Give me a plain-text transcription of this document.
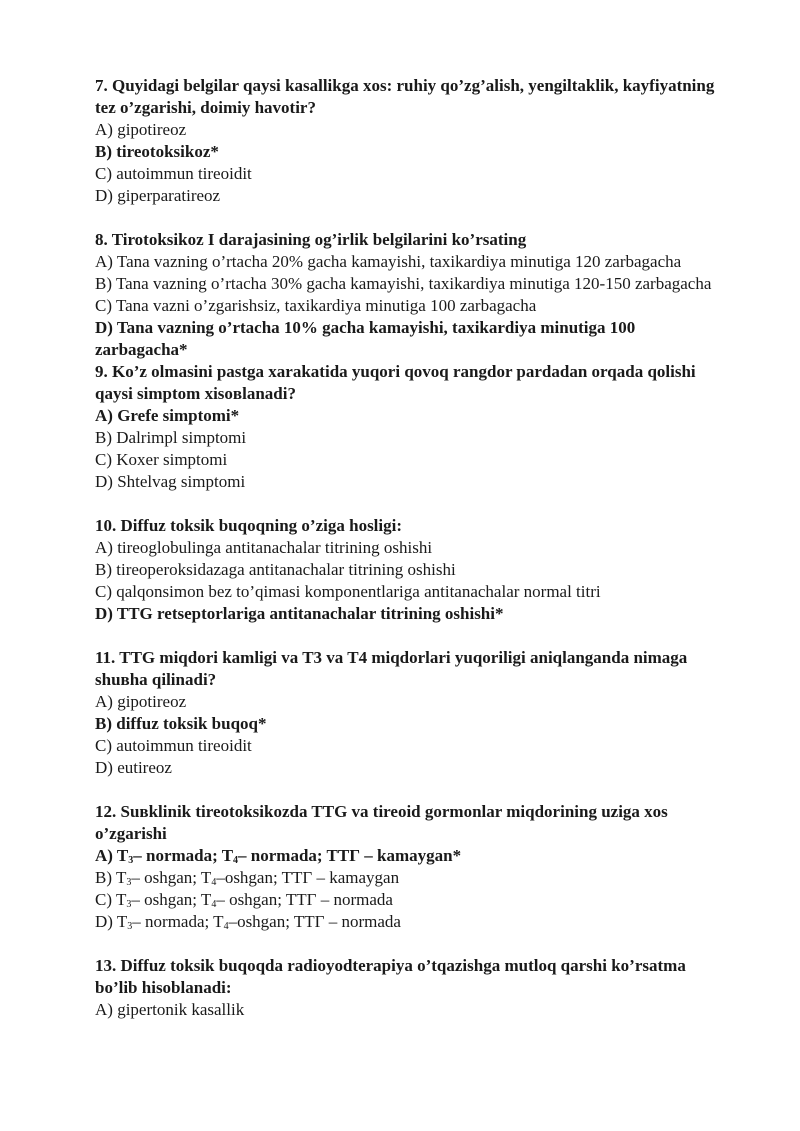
7. Quyidagi belgilar qaysi kasallikga xos: ruhiy qo’zg’alish, yengiltaklik, kayfiyatning tez o’zgarishi, doimiy havotir?

A) gipotireoz

B) tireotoksikoz*

C) autoimmun tireoidit

D) giperparatireoz

8. Tirotoksikoz I darajasining og’irlik belgilarini ko’rsating

A) Tana vazning o’rtacha 20% gacha kamayishi, taxikardiya minutiga 120 zarbagacha

B) Tana vazning o’rtacha 30% gacha kamayishi, taxikardiya minutiga 120-150 zarbagacha

C) Tana vazni o’zgarishsiz, taxikardiya minutiga 100 zarbagacha

D) Tana vazning o’rtacha 10% gacha kamayishi, taxikardiya minutiga 100 zarbagacha*

9. Ko’z olmasini pastga xarakatida yuqori qovoq rangdor pardadan orqada qolishi qaysi simptom xisoвlanadi?

A) Grefe simptomi*

B) Dalrimpl simptomi

C) Koxer simptomi

D) Shtelvag simptomi

10. Diffuz toksik buqoqning o’ziga hosligi:

A) tireoglobulinga antitanachalar titrining oshishi

B) tireoperoksidazaga antitanachalar titrining oshishi

C) qalqonsimon bez to’qimasi komponentlariga antitanachalar normal titri

D) TTG retseptorlariga antitanachalar titrining oshishi*

11. TTG miqdori kamligi va T3 va T4 miqdorlari yuqoriligi aniqlanganda nimaga shuвha qilinadi?

A) gipotireoz

B) diffuz toksik buqoq*

C) autoimmun tireoidit

D) eutireoz

12. Suвklinik tireotoksikozda TTG va tireoid gormonlar miqdorining uziga xos o’zgarishi

A) $T_3-$ normada; $T_4-$ normada; TTГ – kamaygan*

B) $T_3-$ oshgan; $T_4$–oshgan; TTГ – kamaygan

C) $T_3-$ oshgan; $T_4-$ oshgan; TTГ – normada

D) $T_3-$ normada; $T_4$–oshgan; TTГ – normada

13. Diffuz toksik buqoqda radioyodterapiya o’tqazishga mutloq qarshi ko’rsatma bo’lib hisoblanadi:

A) gipertonik kasallik
